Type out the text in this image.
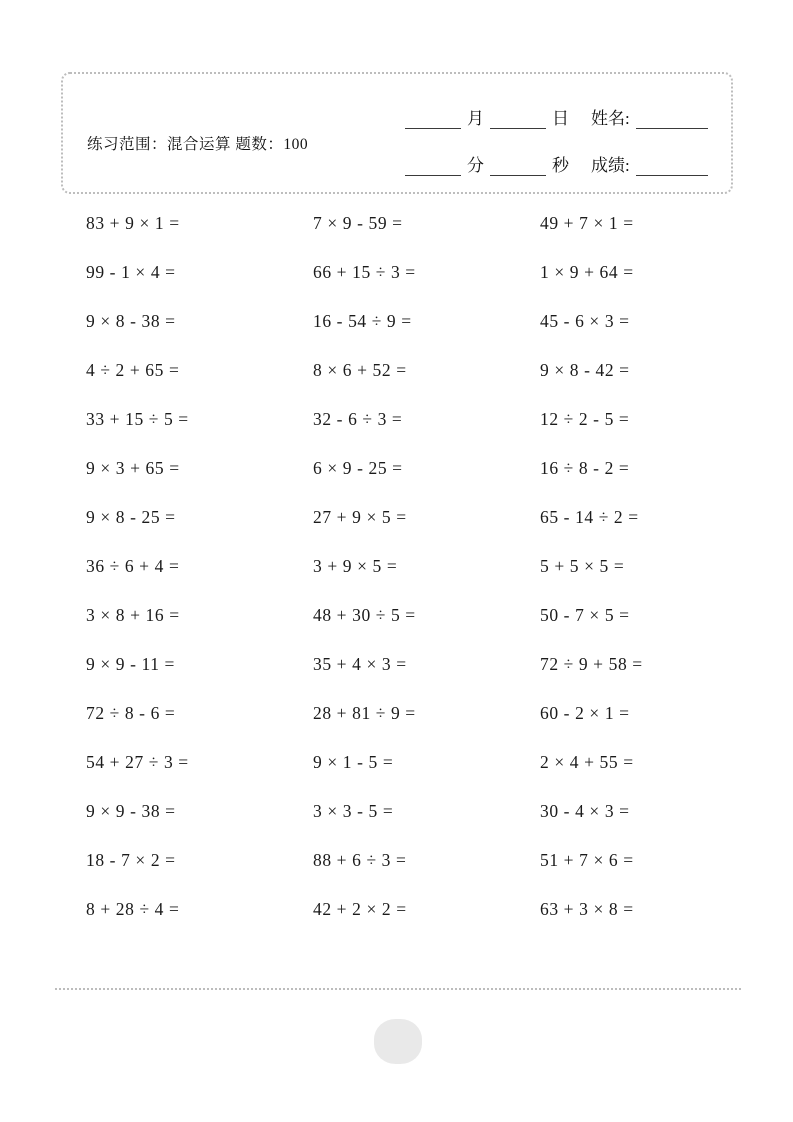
练习范围：混合运算 题数：100
月	日 姓名:
分	秒 成绩:
83 + 9 × 1 =	7 × 9 - 59 =	49 + 7 × 1 =
99 - 1 × 4 =	66 + 15 ÷ 3 =	1 × 9 + 64 =
9 × 8 - 38 =	16 - 54 ÷ 9 =	45 - 6 × 3 =
4 ÷ 2 + 65 =	8 × 6 + 52 =	9 × 8 - 42 =
33 + 15 ÷ 5 =	32 - 6 ÷ 3 =	12 ÷ 2 - 5 =
9 × 3 + 65 =	6 × 9 - 25 =	16 ÷ 8 - 2 =
9 × 8 - 25 =	27 + 9 × 5 =	65 - 14 ÷ 2 =
36 ÷ 6 + 4 =	3 + 9 × 5 =	5 + 5 × 5 =
3 × 8 + 16 =	48 + 30 ÷ 5 =	50 - 7 × 5 =
9 × 9 - 11 =	35 + 4 × 3 =	72 ÷ 9 + 58 =
72 ÷ 8 - 6 =	28 + 81 ÷ 9 =	60 - 2 × 1 =
54 + 27 ÷ 3 =	9 × 1 - 5 =	2 × 4 + 55 =
9 × 9 - 38 =	3 × 3 - 5 =	30 - 4 × 3 =
18 - 7 × 2 =	88 + 6 ÷ 3 =	51 + 7 × 6 =
8 + 28 ÷ 4 =	42 + 2 × 2 =	63 + 3 × 8 =
